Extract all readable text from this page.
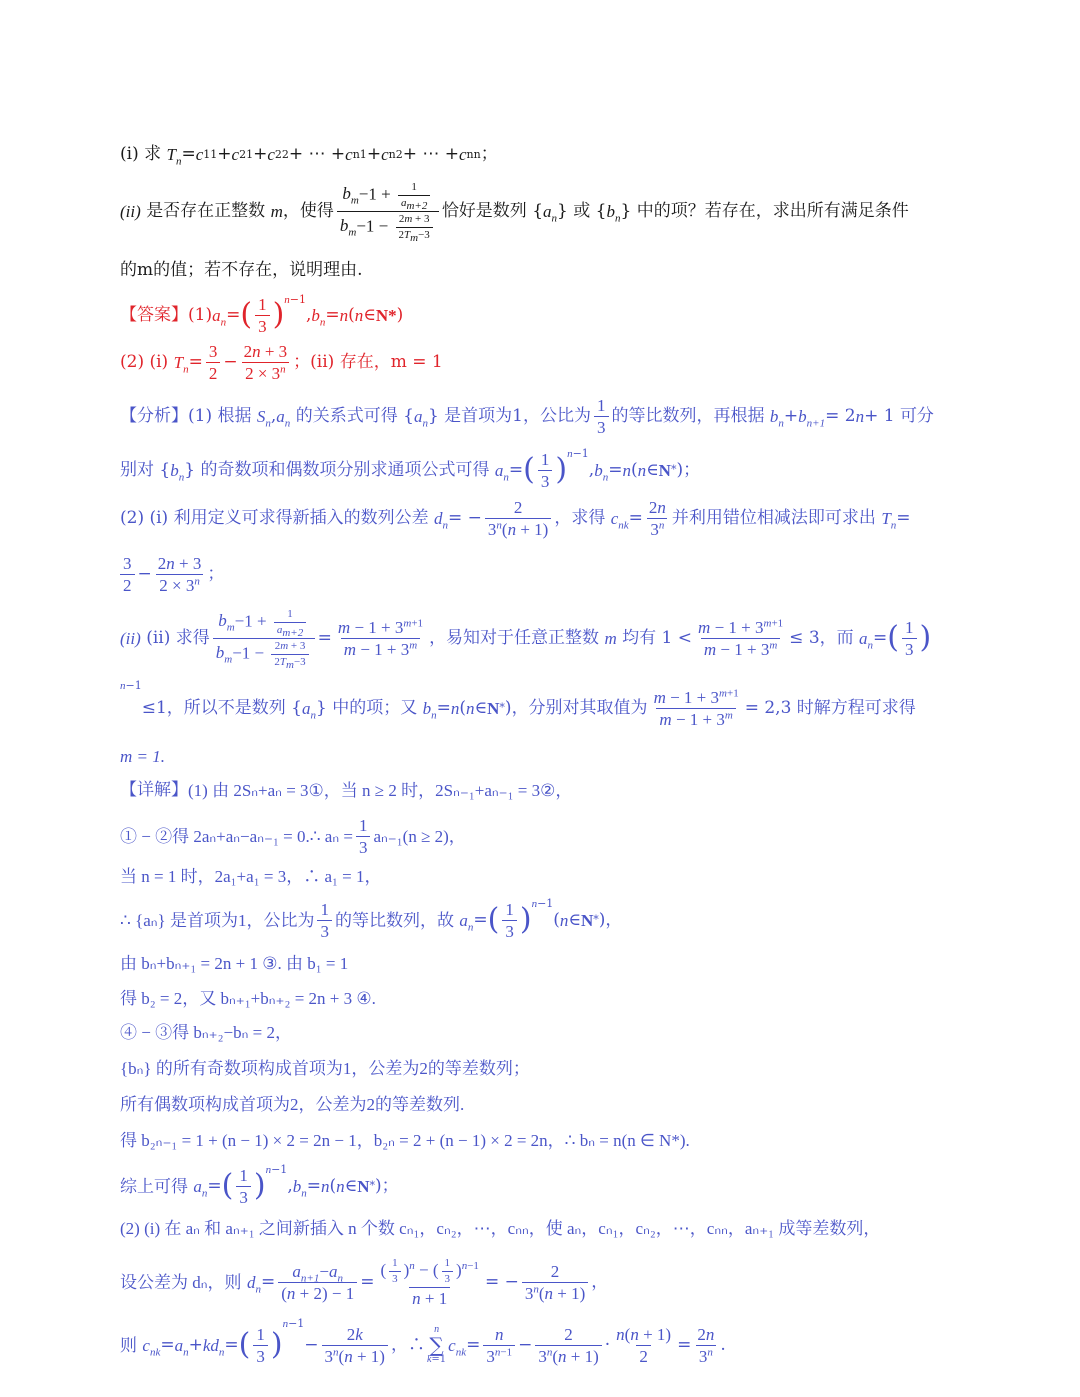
(i)
求
$T_n = c$ 11 + c 21 + c 22 + ⋯ + c n1 + c n2 + ⋯ + c nn ；
(ii)
是否存在正整数
m ， 使得 $\frac{b_m-1 + \frac{1}{a_{m+2}}}{b_m-1 - \frac{2m + 3}{2T_m-3}}$ 恰好是数列 { $a_n$ } 或 { $b_n$ } 中的项？若存在，求出所有满足条件
的m的值；若不存在，说明理由.
【答案】 (1) $a_n$ = ( $\frac{1}{3}$ ) n−1
, $b_n = n$ ( n ∈ N* )
(2) (i)
$T_n = \frac{3}{2} - \frac{2n + 3}{2 \times 3^n}$ ；(ii) 存在，m = 1
【分析】 (1) 根据
$S_n$ , $a_n$
的关系式可得 { $a_n$ } 是首项为1，公比为 $\frac{1}{3}$ 的等比数列，再根据
$b_n + b_{n+1} = 2$ n + 1 可分
别对 { $b_n$ } 的奇数项和偶数项分别求通项公式可得
$a_n$ = ( $\frac{1}{3}$ ) n−1
, $b_n = n$ ( n ∈ N * )；
(2) (i) 利用定义可求得新插入的数列公差
$d_n$ = − $\frac{2}{3^n(n + 1)}$ ，求得
$c_{nk} = \frac{2n}{3^n}$ 并利用错位相减法即可求出
$T_n$ =
$\frac{3}{2} - \frac{2n + 3}{2 \times 3^n}$ ；
(ii)
(ii) 求得 $\frac{b_m-1 + \frac{1}{a_{m+2}}}{b_m-1 - \frac{2m + 3}{2T_m-3}} = \frac{m - 1 + 3^{m+1}}{m - 1 + 3^m}$ ，易知对于任意正整数
m
均有 $1 < \frac{m - 1 + 3^{m+1}}{m - 1 + 3^m} \le 3$ ，而
$a_n$ = ( $\frac{1}{3}$ )
n−1
≤1，所以不是数列 { $a_n$ } 中的项；又
$b_n = n$ ( n ∈ N * ) ，分别对其取值为 $\frac{m - 1 + 3^{m+1}}{m - 1 + 3^m} = 2,3$ 时解方程可求得
m = 1.
【详解】 (1) 由 2Sₙ+aₙ = 3①，当 n ≥ 2 时，2Sₙ₋₁+aₙ₋₁ = 3②，
① − ②得 2aₙ+aₙ−aₙ₋₁ = 0.∴ $a_n = \frac{1}{3} a_{n-1}(n \ge 2)$，
当 n = 1 时，2a₁+a₁ = 3，∴ a₁ = 1，
∴ {aₙ} 是首项为1，公比为 $\frac{1}{3}$ 的等比数列，故
$a_n$ = ( $\frac{1}{3}$ ) n−1
( n ∈ N * )，
由 bₙ+bₙ₊₁ = 2n + 1 ③. 由 b₁ = 1
得 b₂ = 2，又 bₙ₊₁+bₙ₊₂ = 2n + 3 ④.
④ − ③得 bₙ₊₂−bₙ = 2，
{bₙ} 的所有奇数项构成首项为1，公差为2的等差数列；
所有偶数项构成首项为2，公差为2的等差数列.
得 b₂ₙ₋₁ = 1 + (n − 1) × 2 = 2n − 1，b₂ₙ = 2 + (n − 1) × 2 = 2n，∴ bₙ = n(n ∈ N*).
综上可得
$a_n$ = ( $\frac{1}{3}$ ) n−1
, $b_n = n$ ( n ∈ N * )；
(2) (i) 在 aₙ 和 aₙ₊₁ 之间新插入 n 个数 cₙ₁，cₙ₂，⋯，cₙₙ，使 aₙ，cₙ₁，cₙ₂，⋯，cₙₙ，aₙ₊₁ 成等差数列，
设公差为 dₙ，则
$d_n = \frac{a_{n+1}-a_n}{(n + 2) - 1} = \frac{( \frac{1}{3} )^n - ( \frac{1}{3} )^{n-1}}{n + 1}$ = − $\frac{2}{3^n(n + 1)}$ ，
则
$c_{nk} = a_n + kd_n$ = ( $\frac{1}{3}$ )
n−1
− $\frac{2k}{3^n(n + 1)}$ ，∴
n
∑
k=1
$c_{nk} = \frac{n}{3^{n-1}} - \frac{2}{3^n(n + 1)} \cdot \frac{n(n + 1)}{2} = \frac{2n}{3^n}$ .
